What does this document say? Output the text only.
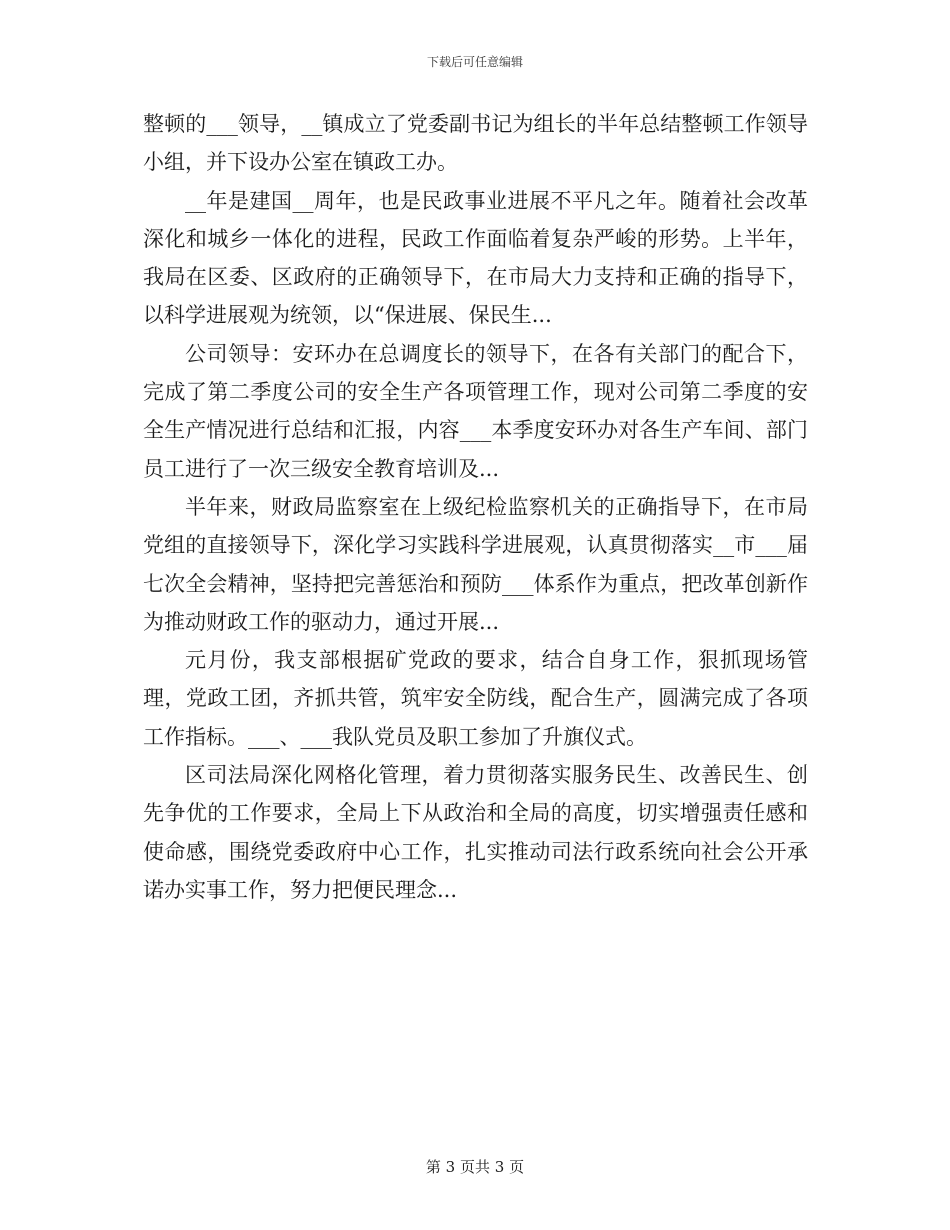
下载后可任意编辑

整顿的___领导，__镇成立了党委副书记为组长的半年总结整顿工作领导小组，并下设办公室在镇政工办。

__年是建国__周年，也是民政事业进展不平凡之年。随着社会改革深化和城乡一体化的进程，民政工作面临着复杂严峻的形势。上半年，我局在区委、区政府的正确领导下，在市局大力支持和正确的指导下，以科学进展观为统领，以“保进展、保民生...

公司领导：安环办在总调度长的领导下，在各有关部门的配合下，完成了第二季度公司的安全生产各项管理工作，现对公司第二季度的安全生产情况进行总结和汇报，内容___本季度安环办对各生产车间、部门员工进行了一次三级安全教育培训及...

半年来，财政局监察室在上级纪检监察机关的正确指导下，在市局党组的直接领导下，深化学习实践科学进展观，认真贯彻落实__市___届七次全会精神，坚持把完善惩治和预防___体系作为重点，把改革创新作为推动财政工作的驱动力，通过开展...

元月份，我支部根据矿党政的要求，结合自身工作，狠抓现场管理，党政工团，齐抓共管，筑牢安全防线，配合生产，圆满完成了各项工作指标。___、___我队党员及职工参加了升旗仪式。

区司法局深化网格化管理，着力贯彻落实服务民生、改善民生、创先争优的工作要求，全局上下从政治和全局的高度，切实增强责任感和使命感，围绕党委政府中心工作，扎实推动司法行政系统向社会公开承诺办实事工作，努力把便民理念...

第 3 页共 3 页
